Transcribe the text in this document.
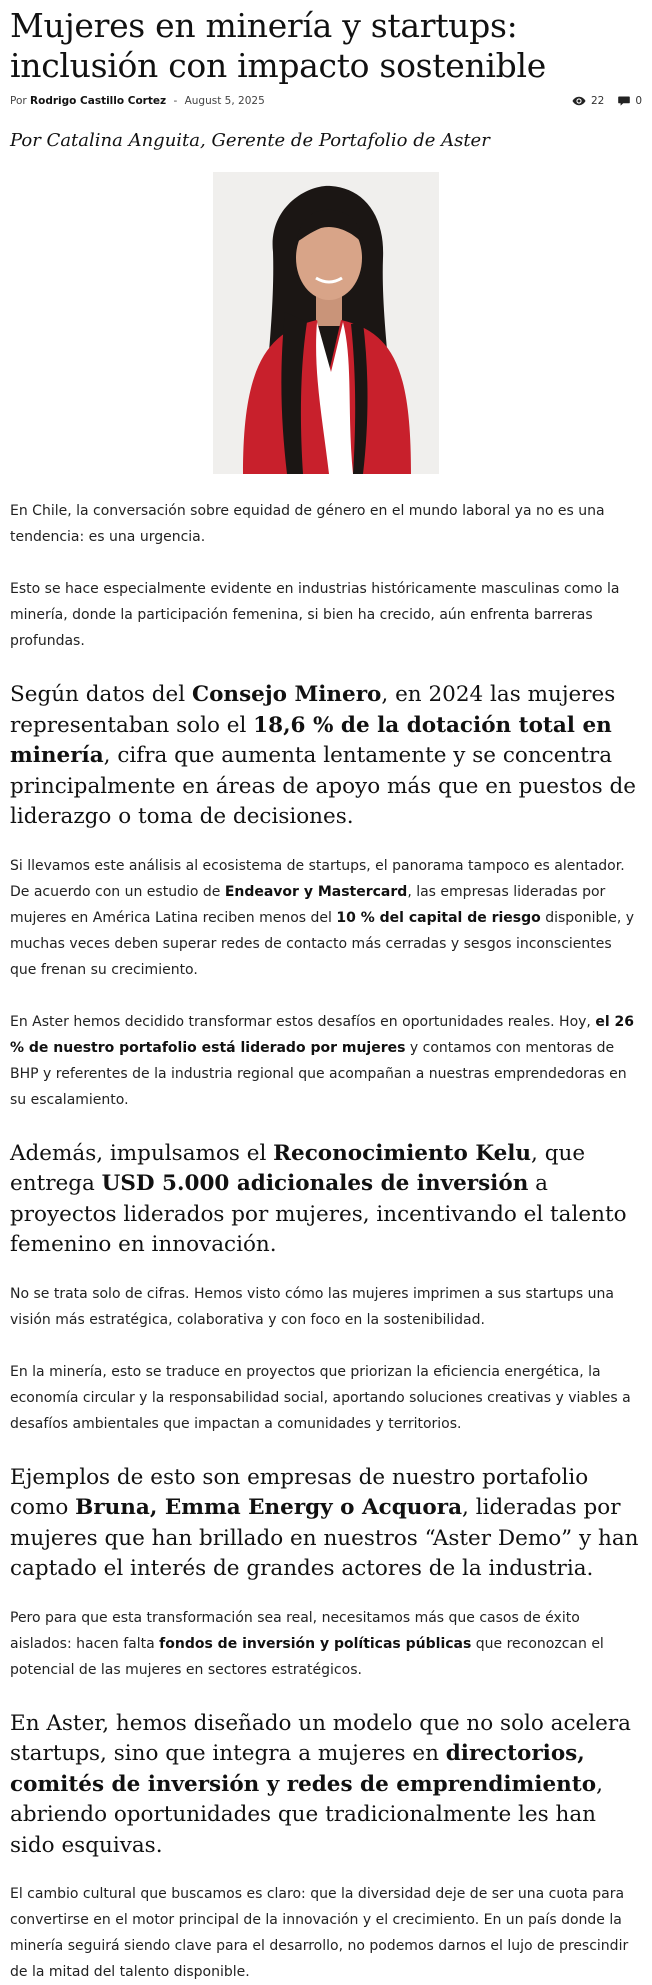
Mujeres en minería y startups: inclusión con impacto sostenible
Por Rodrigo Castillo Cortez - August 5, 2025	22	0

Por Catalina Anguita, Gerente de Portafolio de Aster

En Chile, la conversación sobre equidad de género en el mundo laboral ya no es una tendencia: es una urgencia.

Esto se hace especialmente evidente en industrias históricamente masculinas como la minería, donde la participación femenina, si bien ha crecido, aún enfrenta barreras profundas.

Según datos del Consejo Minero, en 2024 las mujeres representaban solo el 18,6 % de la dotación total en minería, cifra que aumenta lentamente y se concentra principalmente en áreas de apoyo más que en puestos de liderazgo o toma de decisiones.

Si llevamos este análisis al ecosistema de startups, el panorama tampoco es alentador. De acuerdo con un estudio de Endeavor y Mastercard, las empresas lideradas por mujeres en América Latina reciben menos del 10 % del capital de riesgo disponible, y muchas veces deben superar redes de contacto más cerradas y sesgos inconscientes que frenan su crecimiento.

En Aster hemos decidido transformar estos desafíos en oportunidades reales. Hoy, el 26 % de nuestro portafolio está liderado por mujeres y contamos con mentoras de BHP y referentes de la industria regional que acompañan a nuestras emprendedoras en su escalamiento.

Además, impulsamos el Reconocimiento Kelu, que entrega USD 5.000 adicionales de inversión a proyectos liderados por mujeres, incentivando el talento femenino en innovación.

No se trata solo de cifras. Hemos visto cómo las mujeres imprimen a sus startups una visión más estratégica, colaborativa y con foco en la sostenibilidad.

En la minería, esto se traduce en proyectos que priorizan la eficiencia energética, la economía circular y la responsabilidad social, aportando soluciones creativas y viables a desafíos ambientales que impactan a comunidades y territorios.

Ejemplos de esto son empresas de nuestro portafolio como Bruna, Emma Energy o Acquora, lideradas por mujeres que han brillado en nuestros “Aster Demo” y han captado el interés de grandes actores de la industria.

Pero para que esta transformación sea real, necesitamos más que casos de éxito aislados: hacen falta fondos de inversión y políticas públicas que reconozcan el potencial de las mujeres en sectores estratégicos.

En Aster, hemos diseñado un modelo que no solo acelera startups, sino que integra a mujeres en directorios, comités de inversión y redes de emprendimiento, abriendo oportunidades que tradicionalmente les han sido esquivas.

El cambio cultural que buscamos es claro: que la diversidad deje de ser una cuota para convertirse en el motor principal de la innovación y el crecimiento. En un país donde la minería seguirá siendo clave para el desarrollo, no podemos darnos el lujo de prescindir de la mitad del talento disponible.
